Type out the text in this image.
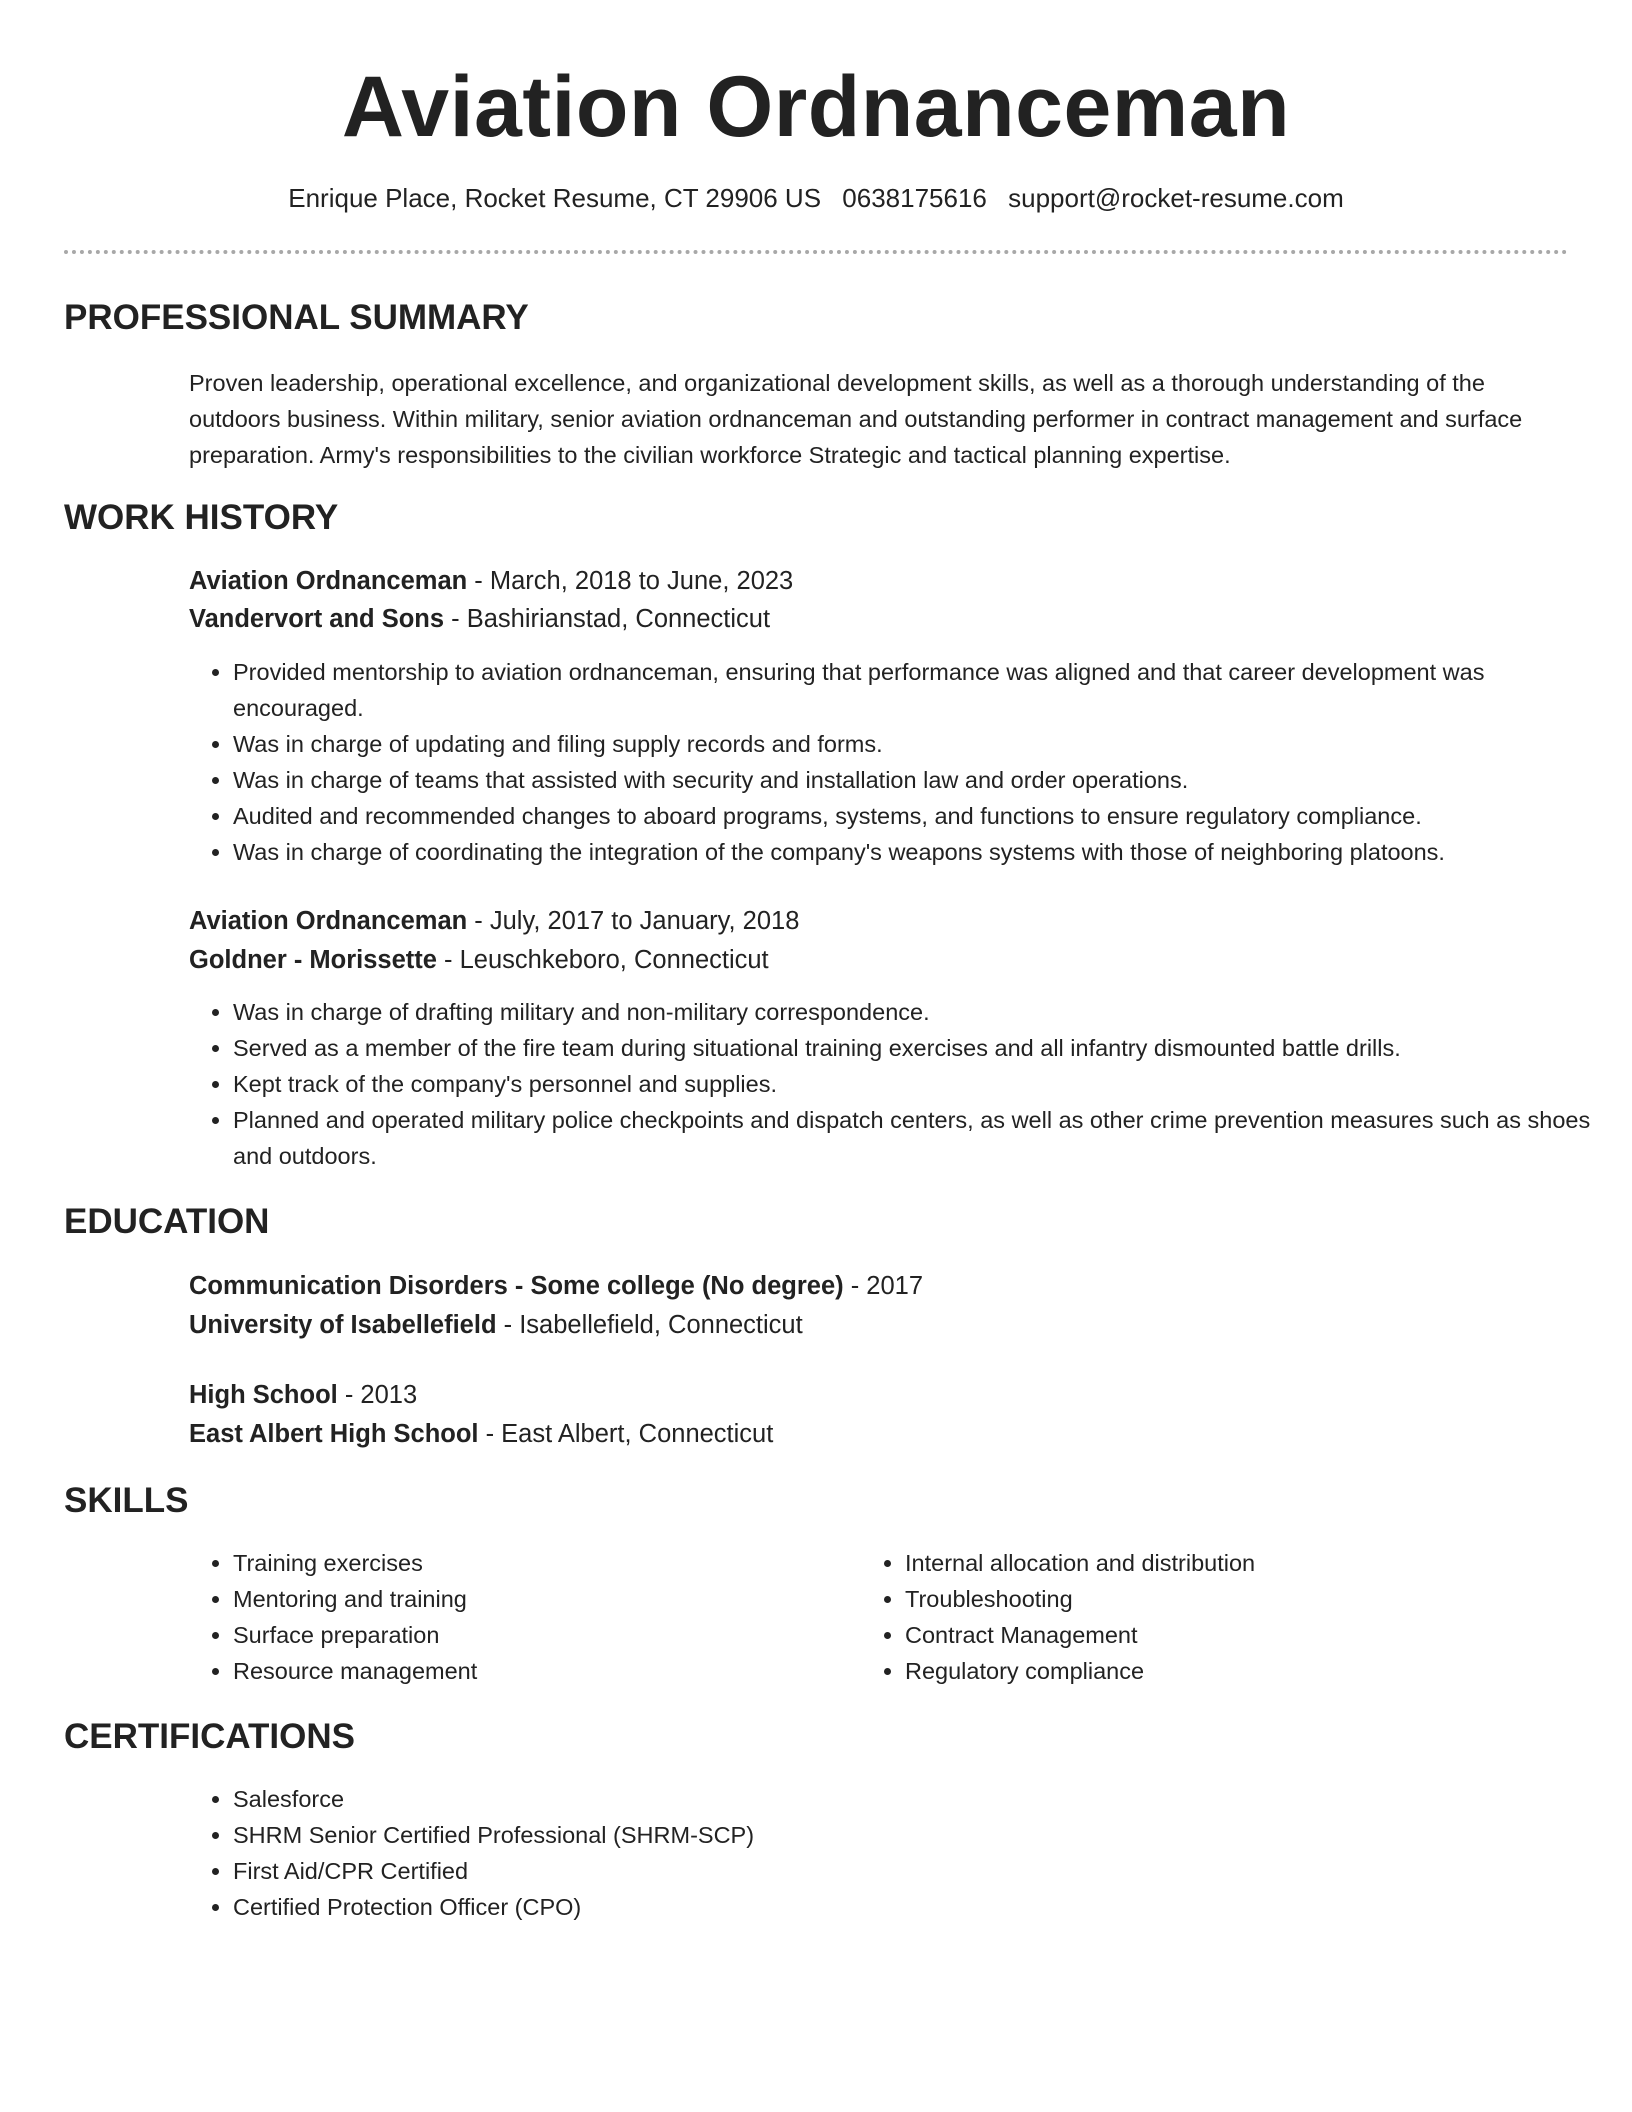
Aviation Ordnanceman
Enrique Place, Rocket Resume, CT 29906 US 0638175616 support@rocket-resume.com
PROFESSIONAL SUMMARY

Proven leadership, operational excellence, and organizational development skills, as well as a thorough understanding of the outdoors business. Within military, senior aviation ordnanceman and outstanding performer in contract management and surface preparation. Army's responsibilities to the civilian workforce Strategic and tactical planning expertise.

WORK HISTORY
Aviation Ordnanceman - March, 2018 to June, 2023
Vandervort and Sons - Bashirianstad, Connecticut
• Provided mentorship to aviation ordnanceman, ensuring that performance was aligned and that career development was encouraged.
• Was in charge of updating and filing supply records and forms.
• Was in charge of teams that assisted with security and installation law and order operations.
• Audited and recommended changes to aboard programs, systems, and functions to ensure regulatory compliance.
• Was in charge of coordinating the integration of the company's weapons systems with those of neighboring platoons.
Aviation Ordnanceman - July, 2017 to January, 2018
Goldner - Morissette - Leuschkeboro, Connecticut
• Was in charge of drafting military and non-military correspondence.
• Served as a member of the fire team during situational training exercises and all infantry dismounted battle drills.
• Kept track of the company's personnel and supplies.
• Planned and operated military police checkpoints and dispatch centers, as well as other crime prevention measures such as shoes and outdoors.
EDUCATION
Communication Disorders - Some college (No degree) - 2017
University of Isabellefield - Isabellefield, Connecticut
High School - 2013
East Albert High School - East Albert, Connecticut
SKILLS
• Training exercises
• Mentoring and training
• Surface preparation
• Resource management
• Internal allocation and distribution
• Troubleshooting
• Contract Management
• Regulatory compliance
CERTIFICATIONS
• Salesforce
• SHRM Senior Certified Professional (SHRM-SCP)
• First Aid/CPR Certified
• Certified Protection Officer (CPO)
